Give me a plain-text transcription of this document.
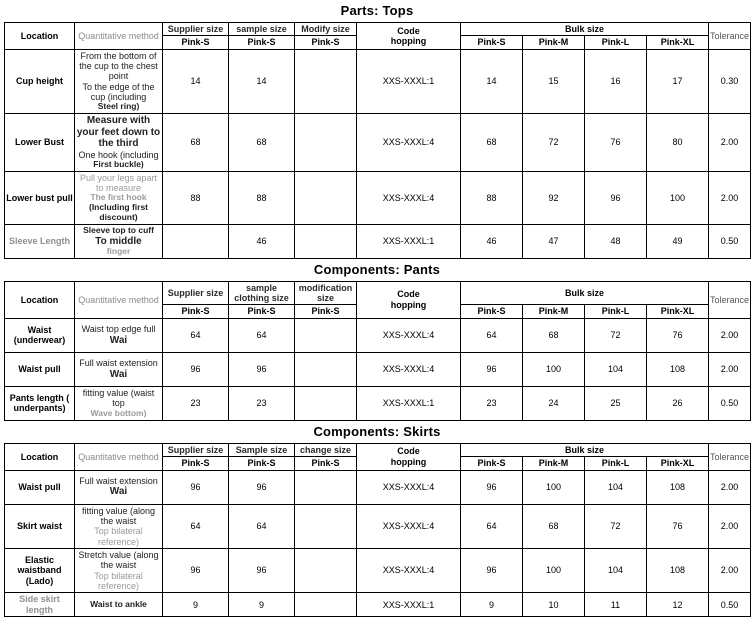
Parts: Tops
Location	Quantitative method	Supplier size	sample size	Modify size	Code
hopping	Bulk size				Tolerance
		Pink-S	Pink-S	Pink-S		Pink-S	Pink-M	Pink-L	Pink-XL	
Cup height	From the bottom of the cup to the chest point
To the edge of the cup (including
Steel ring)	14	14		XXS-XXXL:1	14	15	16	17	0.30
Lower Bust	Measure with your feet down to the third
One hook (including
First buckle)	68	68		XXS-XXXL:4	68	72	76	80	2.00
Lower bust pull	Pull your legs apart to measure
The first hook
(Including first discount)	88	88		XXS-XXXL:4	88	92	96	100	2.00
Sleeve Length	Sleeve top to cuff
To middle
finger		46		XXS-XXXL:1	46	47	48	49	0.50
Components: Pants
Location	Quantitative method	Supplier size	sample clothing size	modification size	Code
hopping	Bulk size				Tolerance
		Pink-S	Pink-S	Pink-S		Pink-S	Pink-M	Pink-L	Pink-XL	
Waist (underwear)	Waist top edge full
Wai	64	64		XXS-XXXL:4	64	68	72	76	2.00
Waist pull	Full waist extension
Wai	96	96		XXS-XXXL:4	96	100	104	108	2.00
Pants length ( underpants)	fitting value (waist top
Wave bottom)	23	23		XXS-XXXL:1	23	24	25	26	0.50
Components: Skirts
Location	Quantitative method	Supplier size	Sample size	change size	Code
hopping	Bulk size				Tolerance
		Pink-S	Pink-S	Pink-S		Pink-S	Pink-M	Pink-L	Pink-XL	
Waist pull	Full waist extension
Wai	96	96		XXS-XXXL:4	96	100	104	108	2.00
Skirt waist	fitting value (along the waist
Top bilateral reference)	64	64		XXS-XXXL:4	64	68	72	76	2.00
Elastic waistband (Lado)	Stretch value (along the waist
Top bilateral reference)	96	96		XXS-XXXL:4	96	100	104	108	2.00
Side skirt length	Waist to ankle	9	9		XXS-XXXL:1	9	10	11	12	0.50
